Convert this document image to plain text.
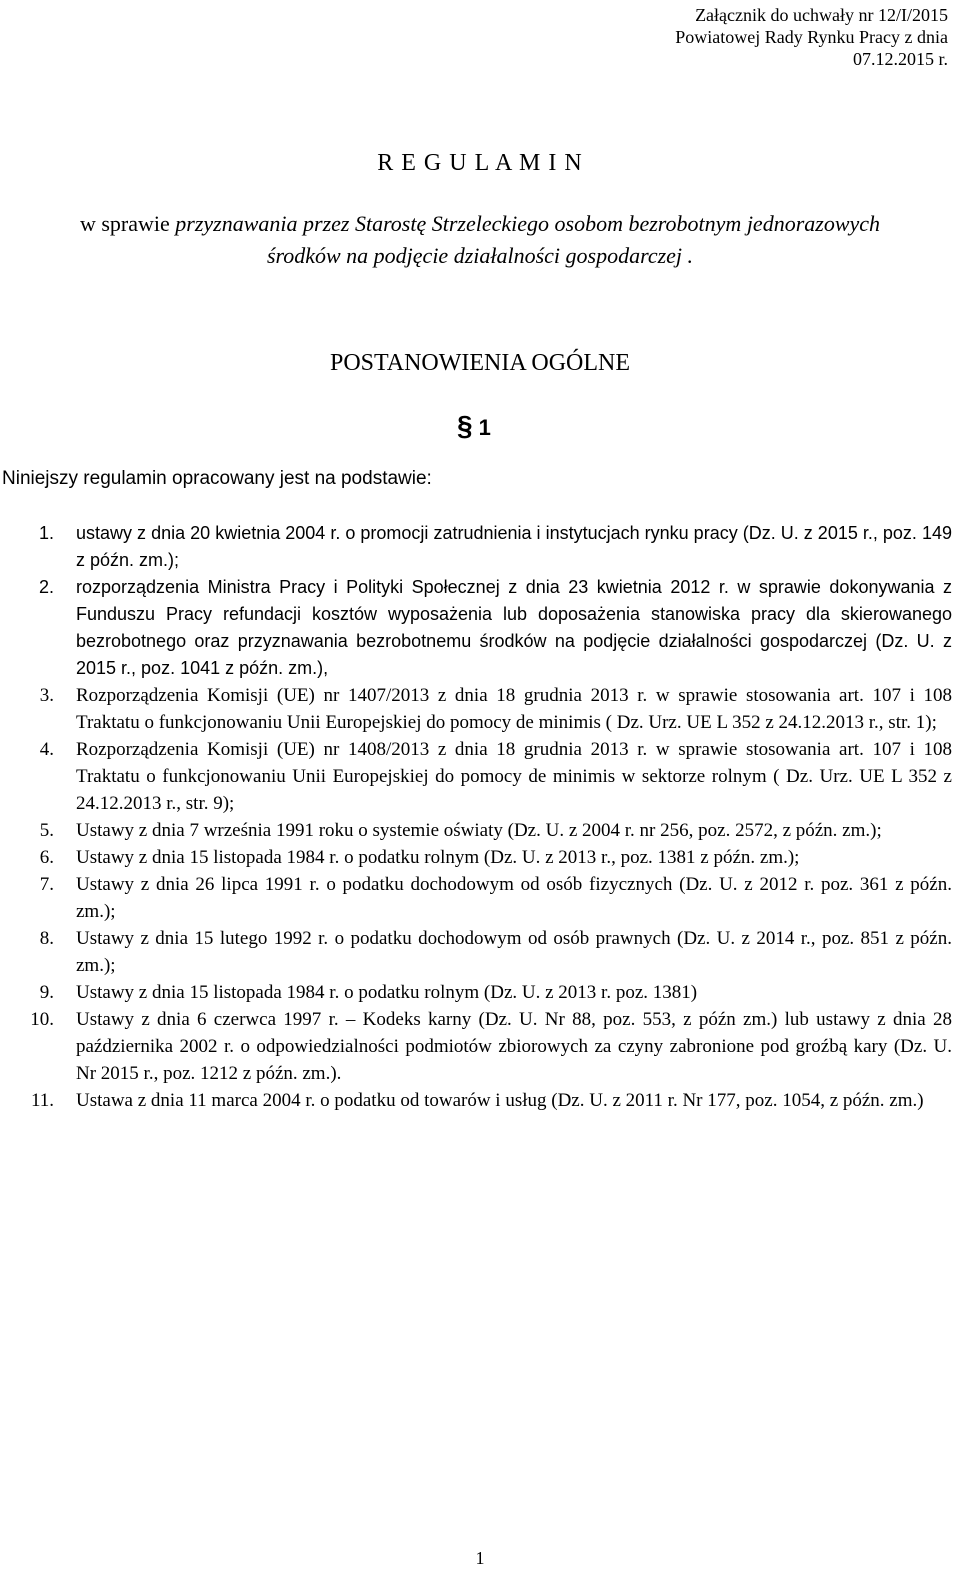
Załącznik do uchwały nr 12/I/2015
Powiatowej Rady Rynku Pracy z dnia
07.12.2015 r.
R E G U L A M I N
w sprawie przyznawania przez Starostę Strzeleckiego osobom bezrobotnym jednorazowych
środków na podjęcie działalności gospodarczej .
POSTANOWIENIA OGÓLNE
§ 1
Niniejszy regulamin opracowany jest na podstawie:
1. ustawy z dnia 20 kwietnia 2004 r. o promocji zatrudnienia i instytucjach rynku pracy (Dz. U. z 2015 r., poz. 149 z późn. zm.);
2. rozporządzenia Ministra Pracy i Polityki Społecznej z dnia 23 kwietnia 2012 r. w sprawie dokonywania z Funduszu Pracy refundacji kosztów wyposażenia lub doposażenia stanowiska pracy dla skierowanego bezrobotnego oraz przyznawania bezrobotnemu środków na podjęcie działalności gospodarczej (Dz. U. z 2015 r., poz. 1041 z późn. zm.),
3. Rozporządzenia Komisji (UE) nr 1407/2013 z dnia 18 grudnia 2013 r. w sprawie stosowania art. 107 i 108 Traktatu o funkcjonowaniu Unii Europejskiej do pomocy de minimis ( Dz. Urz. UE L 352 z 24.12.2013 r., str. 1);
4. Rozporządzenia Komisji (UE) nr 1408/2013 z dnia 18 grudnia 2013 r. w sprawie stosowania art. 107 i 108 Traktatu o funkcjonowaniu Unii Europejskiej do pomocy de minimis w sektorze rolnym ( Dz. Urz. UE L 352 z 24.12.2013 r., str. 9);
5. Ustawy z dnia 7 września 1991 roku o systemie oświaty (Dz. U. z 2004 r. nr 256, poz. 2572, z późn. zm.);
6. Ustawy z dnia 15 listopada 1984 r. o podatku rolnym (Dz. U. z 2013 r., poz. 1381 z późn. zm.);
7. Ustawy z dnia 26 lipca 1991 r. o podatku dochodowym od osób fizycznych (Dz. U. z 2012 r. poz. 361 z późn. zm.);
8. Ustawy z dnia 15 lutego 1992 r. o podatku dochodowym od osób prawnych (Dz. U. z 2014 r., poz. 851 z późn. zm.);
9. Ustawy z dnia 15 listopada 1984 r. o podatku rolnym (Dz. U. z 2013 r. poz. 1381)
10. Ustawy z dnia 6 czerwca 1997 r. – Kodeks karny (Dz. U. Nr 88, poz. 553, z późn zm.) lub ustawy z dnia 28 października 2002 r. o odpowiedzialności podmiotów zbiorowych za czyny zabronione pod groźbą kary (Dz. U. Nr 2015 r., poz. 1212 z późn. zm.).
11. Ustawa z dnia 11 marca 2004 r. o podatku od towarów i usług (Dz. U. z 2011 r. Nr 177, poz. 1054, z późn. zm.)
1
